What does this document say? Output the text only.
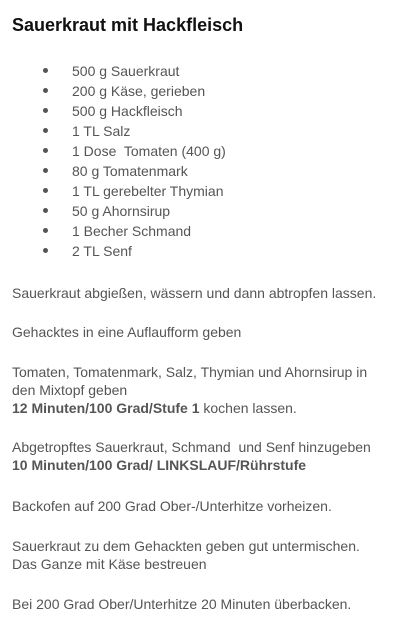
Sauerkraut mit Hackfleisch
500 g Sauerkraut
200 g Käse, gerieben
500 g Hackfleisch
1 TL Salz
1 Dose  Tomaten (400 g)
80 g Tomatenmark
1 TL gerebelter Thymian
50 g Ahornsirup
1 Becher Schmand
2 TL Senf

Sauerkraut abgießen, wässern und dann abtropfen lassen.

Gehacktes in eine Auflaufform geben

Tomaten, Tomatenmark, Salz, Thymian und Ahornsirup in
den Mixtopf geben
12 Minuten/100 Grad/Stufe 1 kochen lassen.

Abgetropftes Sauerkraut, Schmand  und Senf hinzugeben
10 Minuten/100 Grad/ LINKSLAUF/Rührstufe

Backofen auf 200 Grad Ober-/Unterhitze vorheizen.

Sauerkraut zu dem Gehackten geben gut untermischen.
Das Ganze mit Käse bestreuen

Bei 200 Grad Ober/Unterhitze 20 Minuten überbacken.
